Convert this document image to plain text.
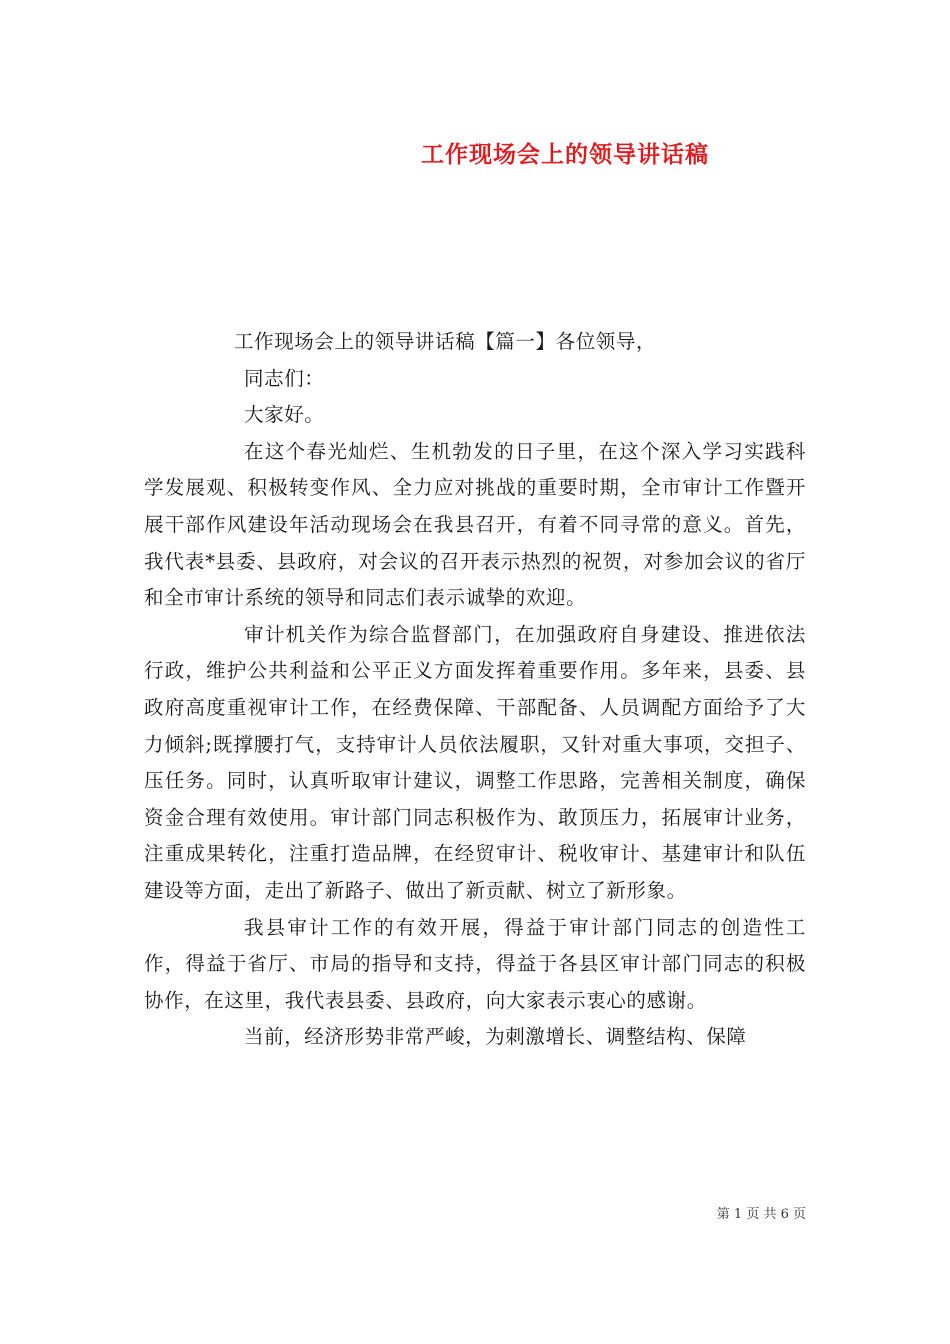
工作现场会上的领导讲话稿

工作现场会上的领导讲话稿【篇一】各位领导，

同志们：

大家好。

在这个春光灿烂、生机勃发的日子里，在这个深入学习实践科学发展观、积极转变作风、全力应对挑战的重要时期，全市审计工作暨开展干部作风建设年活动现场会在我县召开，有着不同寻常的意义。首先，我代表*县委、县政府，对会议的召开表示热烈的祝贺，对参加会议的省厅和全市审计系统的领导和同志们表示诚挚的欢迎。

审计机关作为综合监督部门，在加强政府自身建设、推进依法行政，维护公共利益和公平正义方面发挥着重要作用。多年来，县委、县政府高度重视审计工作，在经费保障、干部配备、人员调配方面给予了大力倾斜;既撑腰打气，支持审计人员依法履职，又针对重大事项，交担子、压任务。同时，认真听取审计建议，调整工作思路，完善相关制度，确保资金合理有效使用。审计部门同志积极作为、敢顶压力，拓展审计业务，注重成果转化，注重打造品牌，在经贸审计、税收审计、基建审计和队伍建设等方面，走出了新路子、做出了新贡献、树立了新形象。

我县审计工作的有效开展，得益于审计部门同志的创造性工作，得益于省厅、市局的指导和支持，得益于各县区审计部门同志的积极协作，在这里，我代表县委、县政府，向大家表示衷心的感谢。

当前，经济形势非常严峻，为刺激增长、调整结构、保障

第 1 页 共 6 页
